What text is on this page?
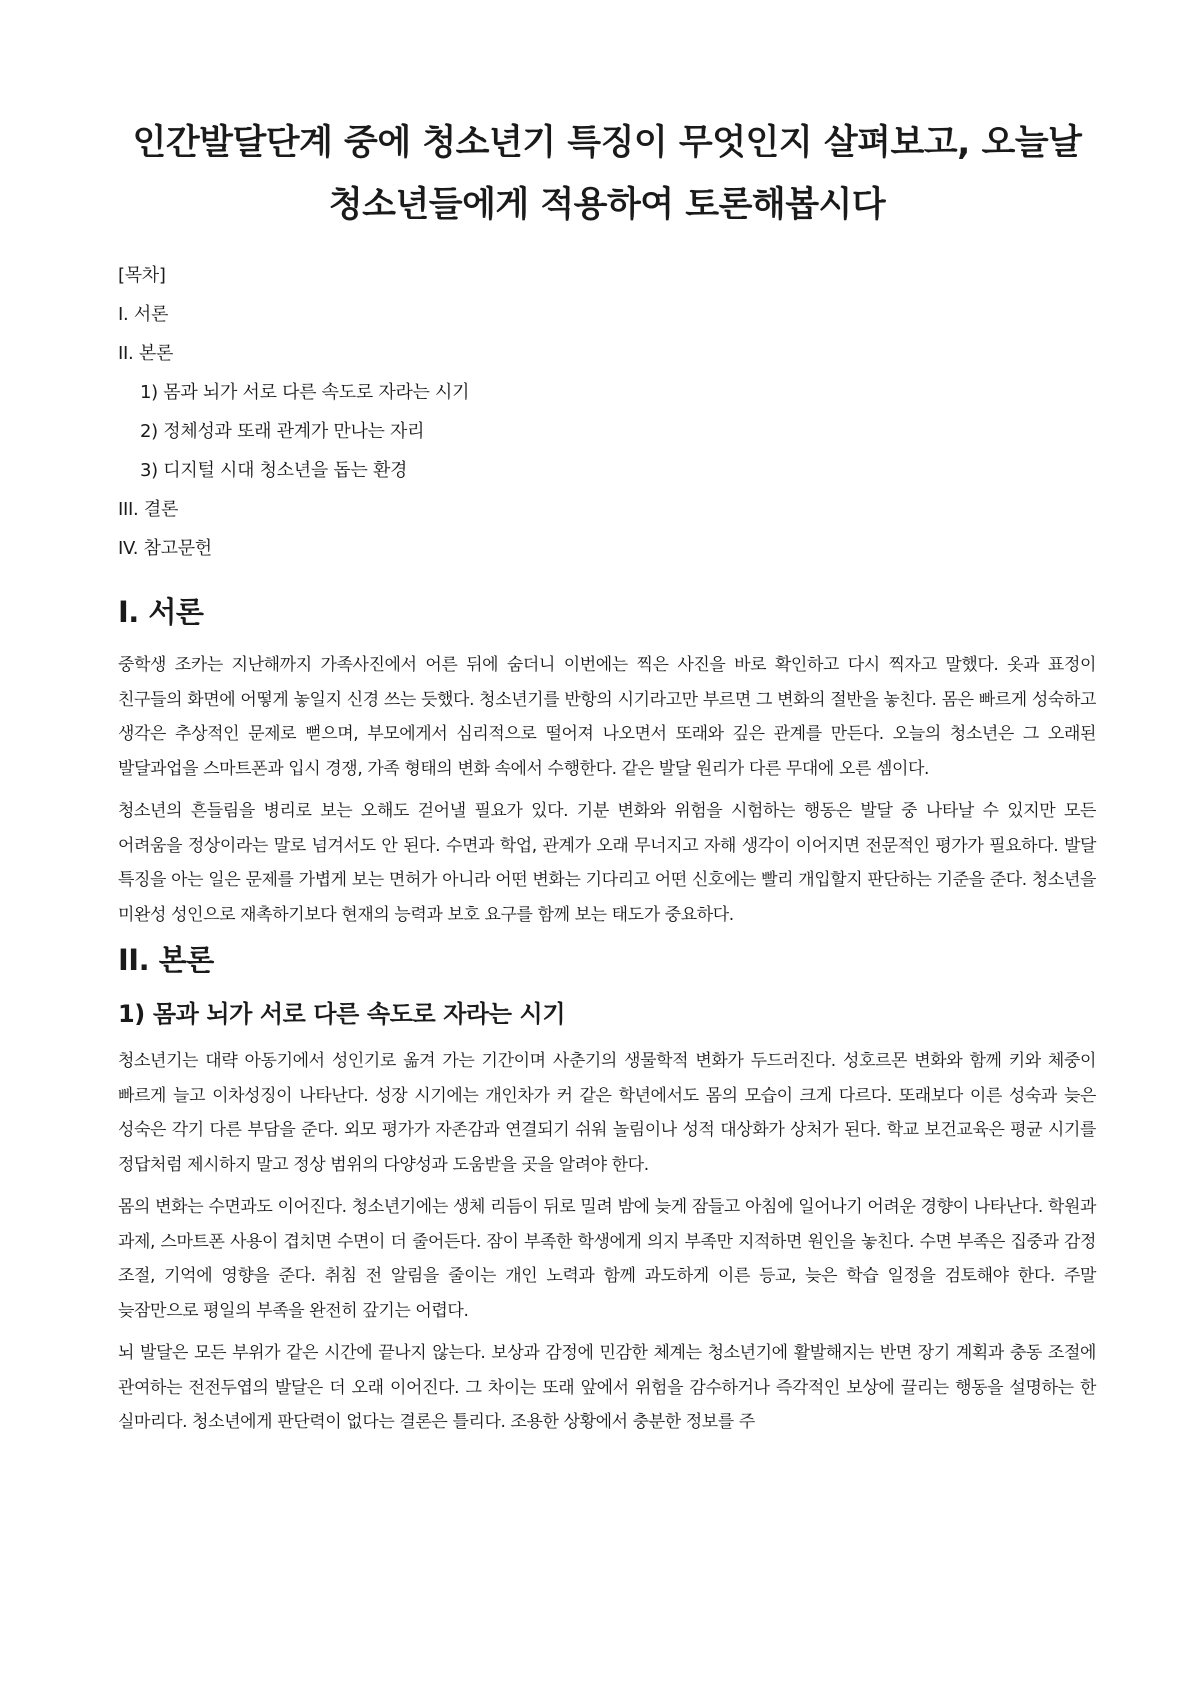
인간발달단계 중에 청소년기 특징이 무엇인지 살펴보고, 오늘날 청소년들에게 적용하여 토론해봅시다
[목차]
I. 서론
II. 본론
1) 몸과 뇌가 서로 다른 속도로 자라는 시기
2) 정체성과 또래 관계가 만나는 자리
3) 디지털 시대 청소년을 돕는 환경
III. 결론
IV. 참고문헌
I. 서론

중학생 조카는 지난해까지 가족사진에서 어른 뒤에 숨더니 이번에는 찍은 사진을 바로 확인하고 다시 찍자고 말했다. 옷과 표정이 친구들의 화면에 어떻게 놓일지 신경 쓰는 듯했다. 청소년기를 반항의 시기라고만 부르면 그 변화의 절반을 놓친다. 몸은 빠르게 성숙하고 생각은 추상적인 문제로 뻗으며, 부모에게서 심리적으로 떨어져 나오면서 또래와 깊은 관계를 만든다. 오늘의 청소년은 그 오래된 발달과업을 스마트폰과 입시 경쟁, 가족 형태의 변화 속에서 수행한다. 같은 발달 원리가 다른 무대에 오른 셈이다.

청소년의 흔들림을 병리로 보는 오해도 걷어낼 필요가 있다. 기분 변화와 위험을 시험하는 행동은 발달 중 나타날 수 있지만 모든 어려움을 정상이라는 말로 넘겨서도 안 된다. 수면과 학업, 관계가 오래 무너지고 자해 생각이 이어지면 전문적인 평가가 필요하다. 발달 특징을 아는 일은 문제를 가볍게 보는 면허가 아니라 어떤 변화는 기다리고 어떤 신호에는 빨리 개입할지 판단하는 기준을 준다. 청소년을 미완성 성인으로 재촉하기보다 현재의 능력과 보호 요구를 함께 보는 태도가 중요하다.

II. 본론
1) 몸과 뇌가 서로 다른 속도로 자라는 시기

청소년기는 대략 아동기에서 성인기로 옮겨 가는 기간이며 사춘기의 생물학적 변화가 두드러진다. 성호르몬 변화와 함께 키와 체중이 빠르게 늘고 이차성징이 나타난다. 성장 시기에는 개인차가 커 같은 학년에서도 몸의 모습이 크게 다르다. 또래보다 이른 성숙과 늦은 성숙은 각기 다른 부담을 준다. 외모 평가가 자존감과 연결되기 쉬워 놀림이나 성적 대상화가 상처가 된다. 학교 보건교육은 평균 시기를 정답처럼 제시하지 말고 정상 범위의 다양성과 도움받을 곳을 알려야 한다.

몸의 변화는 수면과도 이어진다. 청소년기에는 생체 리듬이 뒤로 밀려 밤에 늦게 잠들고 아침에 일어나기 어려운 경향이 나타난다. 학원과 과제, 스마트폰 사용이 겹치면 수면이 더 줄어든다. 잠이 부족한 학생에게 의지 부족만 지적하면 원인을 놓친다. 수면 부족은 집중과 감정 조절, 기억에 영향을 준다. 취침 전 알림을 줄이는 개인 노력과 함께 과도하게 이른 등교, 늦은 학습 일정을 검토해야 한다. 주말 늦잠만으로 평일의 부족을 완전히 갚기는 어렵다.

뇌 발달은 모든 부위가 같은 시간에 끝나지 않는다. 보상과 감정에 민감한 체계는 청소년기에 활발해지는 반면 장기 계획과 충동 조절에 관여하는 전전두엽의 발달은 더 오래 이어진다. 그 차이는 또래 앞에서 위험을 감수하거나 즉각적인 보상에 끌리는 행동을 설명하는 한 실마리다. 청소년에게 판단력이 없다는 결론은 틀리다. 조용한 상황에서 충분한 정보를 주
